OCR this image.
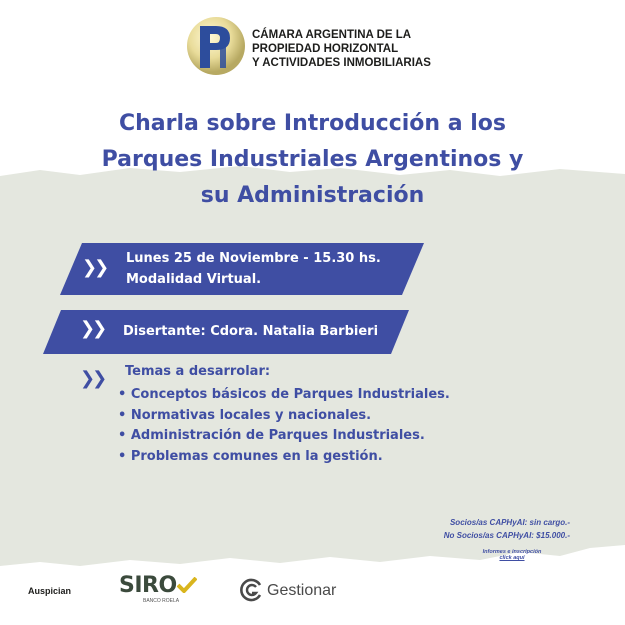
CÁMARA ARGENTINA DE LA
PROPIEDAD HORIZONTAL
Y ACTIVIDADES INMOBILIARIAS
Charla sobre Introducción a los
Parques Industriales Argentinos y
su Administración
❯❯ Lunes 25 de Noviembre - 15.30 hs.
Modalidad Virtual.
❯❯ Disertante: Cdora. Natalia Barbieri
❯❯ Temas a desarrolar:
• Conceptos básicos de Parques Industriales.
• Normativas locales y nacionales.
• Administración de Parques Industriales.
• Problemas comunes en la gestión.
Socios/as CAPHyAI: sin cargo.-
No Socios/as CAPHyAI: $15.000.-
Informes e inscripción
click aquí
Auspician SIRO
BANCO ROELA
Gestionar
